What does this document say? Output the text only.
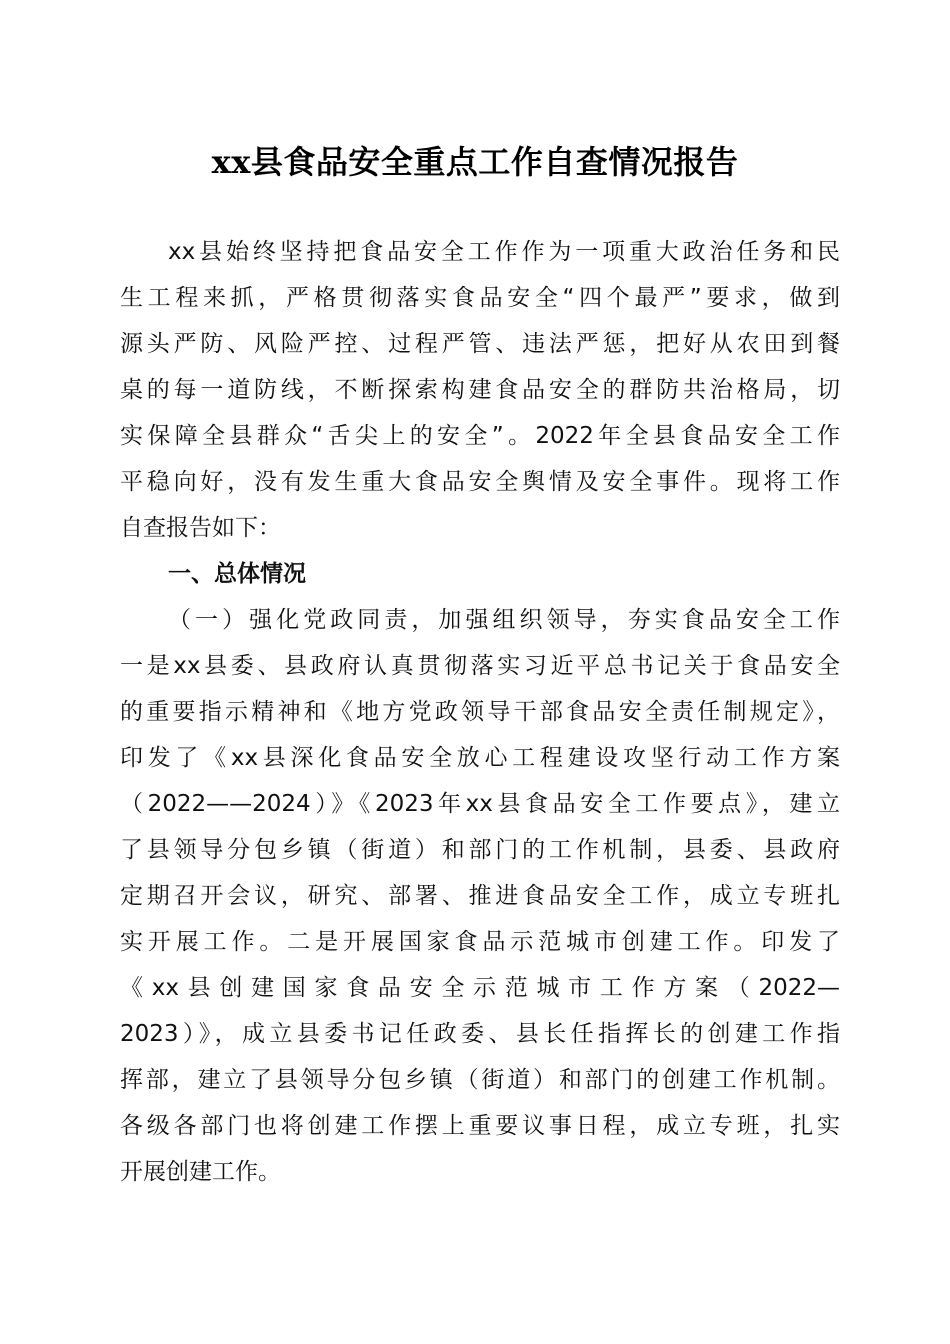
xx县食品安全重点工作自查情况报告
xx县始终坚持把食品安全工作作为一项重大政治任务和民
生工程来抓，严格贯彻落实食品安全“四个最严”要求，做到
源头严防、风险严控、过程严管、违法严惩，把好从农田到餐
桌的每一道防线，不断探索构建食品安全的群防共治格局，切
实保障全县群众“舌尖上的安全”。2022年全县食品安全工作
平稳向好，没有发生重大食品安全舆情及安全事件。现将工作
自查报告如下：
一、总体情况
（一）强化党政同责，加强组织领导，夯实食品安全工作
一是xx县委、县政府认真贯彻落实习近平总书记关于食品安全
的重要指示精神和《地方党政领导干部食品安全责任制规定》，
印发了《xx县深化食品安全放心工程建设攻坚行动工作方案
（2022——2024）》《2023年xx县食品安全工作要点》，建立
了县领导分包乡镇（街道）和部门的工作机制，县委、县政府
定期召开会议，研究、部署、推进食品安全工作，成立专班扎
实开展工作。二是开展国家食品示范城市创建工作。印发了
《xx县创建国家食品安全示范城市工作方案（2022—
2023）》，成立县委书记任政委、县长任指挥长的创建工作指
挥部，建立了县领导分包乡镇（街道）和部门的创建工作机制。
各级各部门也将创建工作摆上重要议事日程，成立专班，扎实
开展创建工作。
